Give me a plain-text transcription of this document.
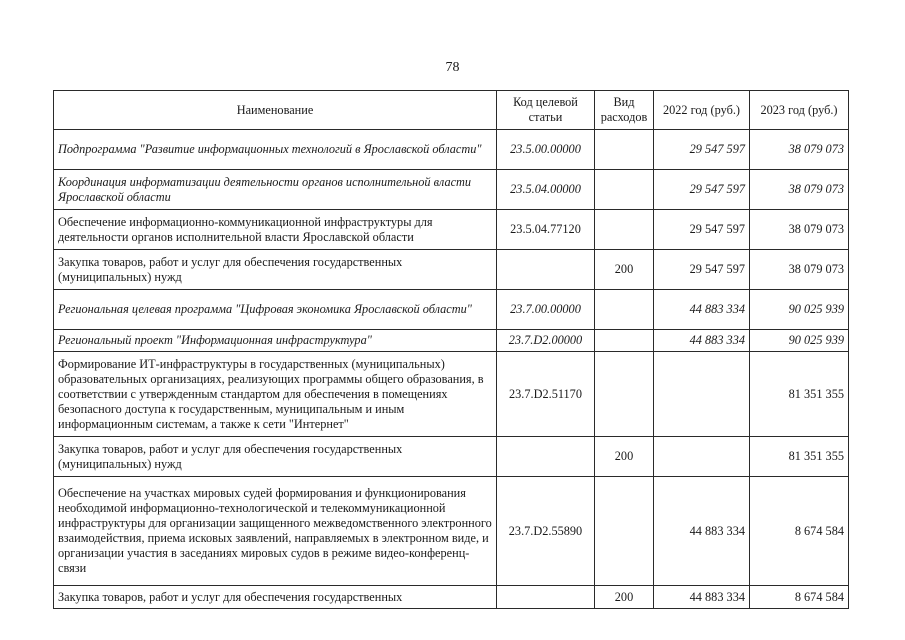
78
Наименование	Код целевой статьи	Вид расходов	2022 год (руб.)	2023 год (руб.)
Подпрограмма "Развитие информационных технологий в Ярославской области"	23.5.00.00000		29 547 597	38 079 073
Координация информатизации деятельности органов исполнительной власти Ярославской области	23.5.04.00000		29 547 597	38 079 073
Обеспечение информационно-коммуникационной инфраструктуры для деятельности органов исполнительной власти Ярославской области	23.5.04.77120		29 547 597	38 079 073
Закупка товаров, работ и услуг для обеспечения государственных (муниципальных) нужд		200	29 547 597	38 079 073
Региональная целевая программа "Цифровая экономика Ярославской области"	23.7.00.00000		44 883 334	90 025 939
Региональный проект "Информационная инфраструктура"	23.7.D2.00000		44 883 334	90 025 939
Формирование ИТ-инфраструктуры в государственных (муниципальных) образовательных организациях, реализующих программы общего образования, в соответствии с утвержденным стандартом для обеспечения в помещениях безопасного доступа к государственным, муниципальным и иным информационным системам, а также к сети "Интернет"	23.7.D2.51170			81 351 355
Закупка товаров, работ и услуг для обеспечения государственных (муниципальных) нужд		200		81 351 355
Обеспечение на участках мировых судей формирования и функционирования необходимой информационно-технологической и телекоммуникационной инфраструктуры для организации защищенного межведомственного электронного взаимодействия, приема исковых заявлений, направляемых в электронном виде, и организации участия в заседаниях мировых судов в режиме видео-конференц-связи	23.7.D2.55890		44 883 334	8 674 584
Закупка товаров, работ и услуг для обеспечения государственных		200	44 883 334	8 674 584
